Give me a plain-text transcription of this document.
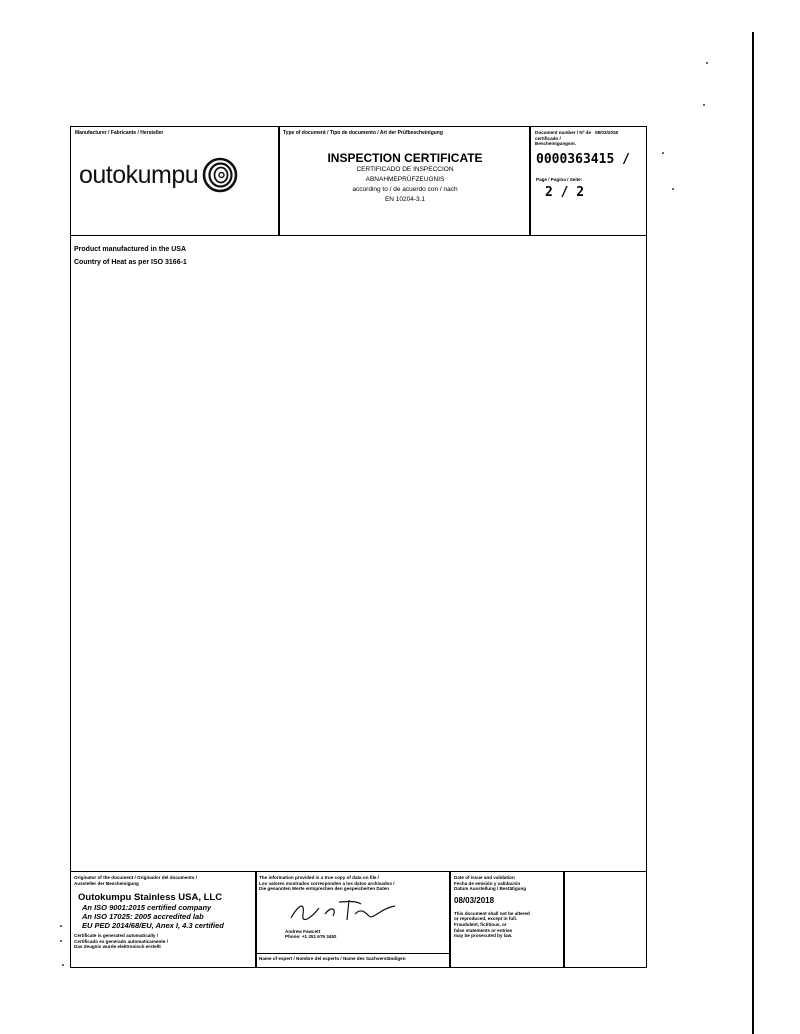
Manufacturer / Fabricante / Hersteller
outokumpu
Type of document / Tipo de documento / Art der Prüfbescheinigung
INSPECTION CERTIFICATE
CERTIFICADO DE INSPECCION
ABNAHMEPRÜFZEUGNIS
according to / de acuerdo con / nach
EN 10204-3.1
Document number / Nº de certificado / Bescheinigungsnr.
08/03/2018
0000363415 /
Page / Pagina / Seite:
2 / 2
Product manufactured in the USA
Country of Heat as per ISO 3166-1
Originator of the document / Originador del documento /
Aussteller der Bescheinigung
Outokumpu Stainless USA, LLC
An ISO 9001:2015 certified company
An ISO 17025: 2005 accredited lab
EU PED 2014/68/EU, Anex I, 4.3 certified
Certificate is generated automatically /
Certificado es generado automaticamente /
Das Zeugnis wurde elektronisch erstellt
The information provided is a true copy of data on file /
Los valores mostrados corresponden a los datos archivados /
Die genannten Werte entsprechen den gespeicherten Daten
Andrew Fawcett
Phone: +1 251 679 3492
Name of expert / Nombre del experto / Name des Sachverständigen
Date of issue and validation
Fecha de emisión y validación
Datum Ausstellung / Bestätigung
08/03/2018
This document shall not be altered
or reproduced, except in full.
Fraudulent, fictitious, or
false statements or entries
may be prosecuted by law.
